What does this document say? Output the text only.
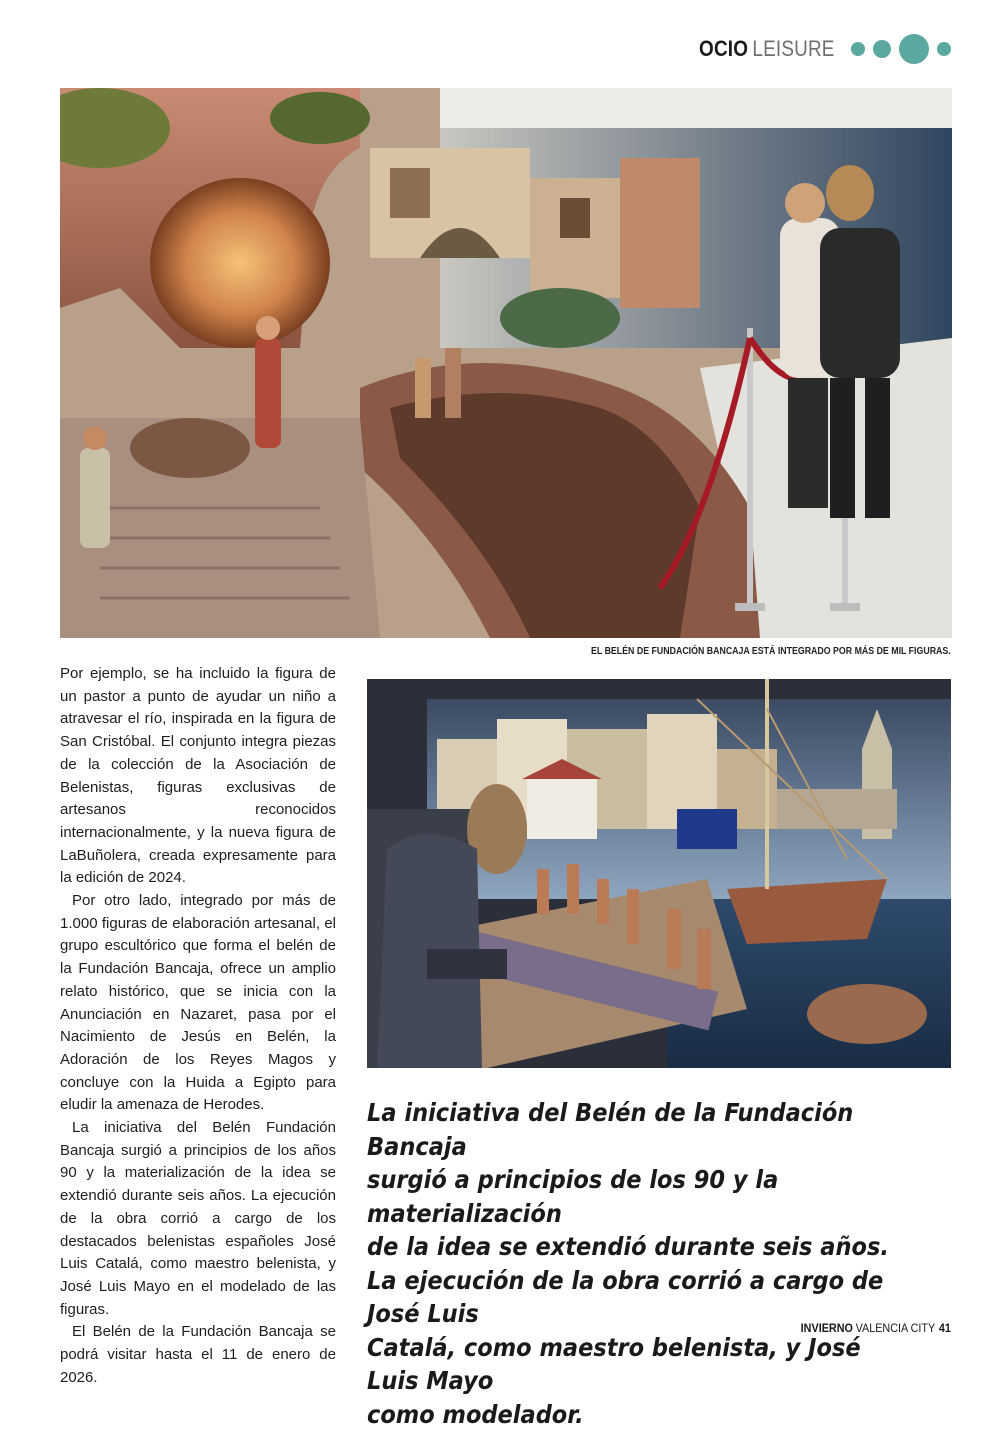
OCIO LEISURE
EL BELÉN DE FUNDACIÓN BANCAJA ESTÁ INTEGRADO POR MÁS DE MIL FIGURAS.

Por ejemplo, se ha incluido la figura de un pastor a punto de ayudar un niño a atravesar el río, inspirada en la figura de San Cristóbal. El conjunto integra piezas de la colección de la Asociación de Belenistas, figuras exclusivas de artesanos reconocidos internacionalmente, y la nueva figura de LaBuñolera, creada expresamente para la edición de 2024.

Por otro lado, integrado por más de 1.000 figuras de elaboración artesanal, el grupo escultórico que forma el belén de la Fundación Bancaja, ofrece un amplio relato histórico, que se inicia con la Anunciación en Nazaret, pasa por el Nacimiento de Jesús en Belén, la Adoración de los Reyes Magos y concluye con la Huida a Egipto para eludir la amenaza de Herodes.

La iniciativa del Belén Fundación Bancaja surgió a principios de los años 90 y la materialización de la idea se extendió durante seis años. La ejecución de la obra corrió a cargo de los destacados belenistas españoles José Luis Catalá, como maestro belenista, y José Luis Mayo en el modelado de las figuras.

El Belén de la Fundación Bancaja se podrá visitar hasta el 11 de enero de 2026.

La iniciativa del Belén de la Fundación Bancaja
surgió a principios de los 90 y la materialización
de la idea se extendió durante seis años.
La ejecución de la obra corrió a cargo de José Luis
Catalá, como maestro belenista, y José Luis Mayo
como modelador.
INVIERNO VALENCIA CITY 41
